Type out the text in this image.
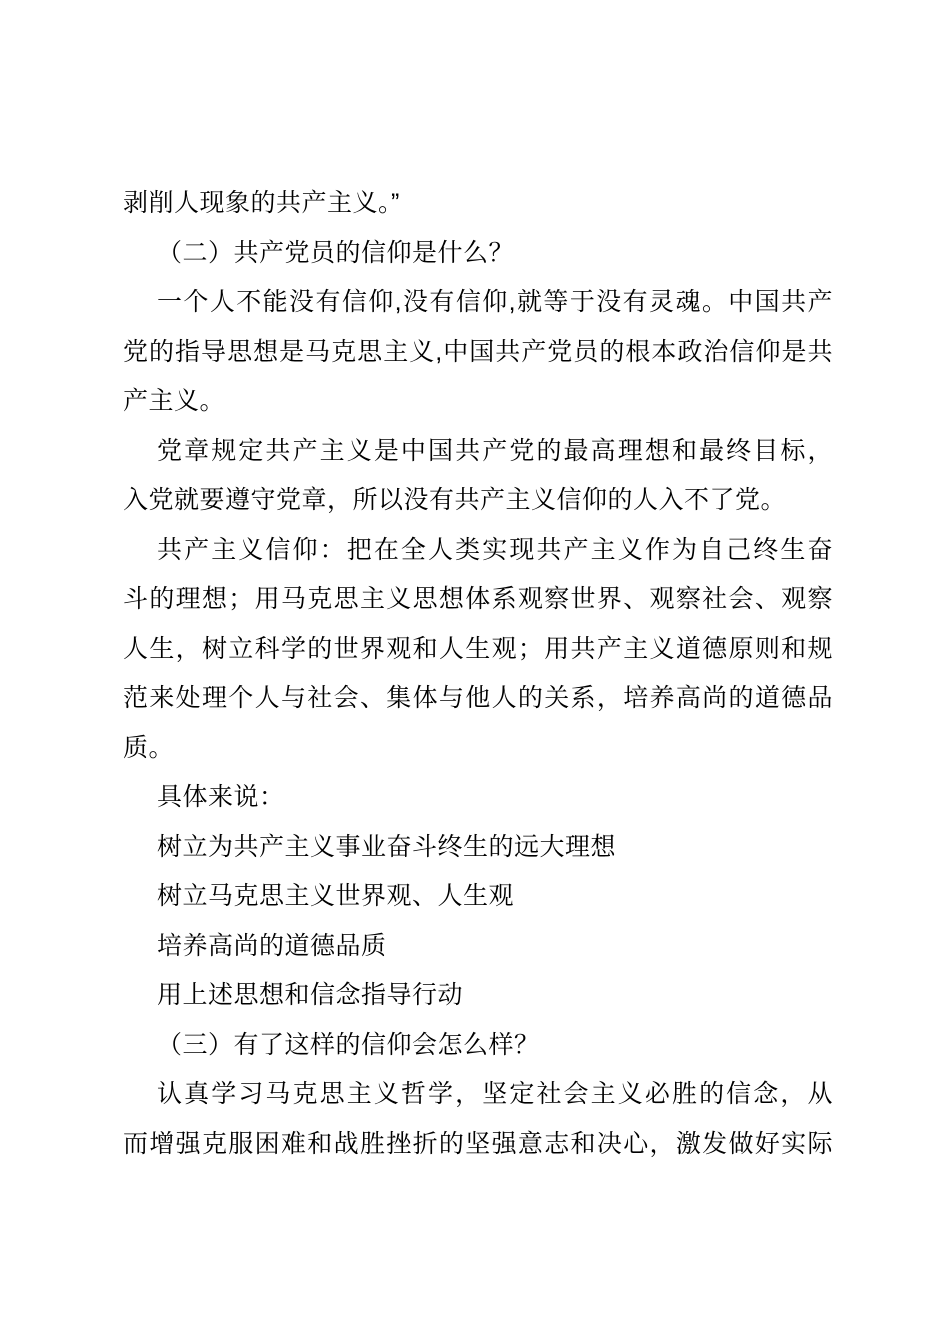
剥削人现象的共产主义。”

（二）共产党员的信仰是什么？

一个人不能没有信仰,没有信仰,就等于没有灵魂。中国共产
党的指导思想是马克思主义,中国共产党员的根本政治信仰是共
产主义。

党章规定共产主义是中国共产党的最高理想和最终目标，
入党就要遵守党章，所以没有共产主义信仰的人入不了党。

共产主义信仰：把在全人类实现共产主义作为自己终生奋
斗的理想；用马克思主义思想体系观察世界、观察社会、观察
人生，树立科学的世界观和人生观；用共产主义道德原则和规
范来处理个人与社会、集体与他人的关系，培养高尚的道德品
质。

具体来说：

树立为共产主义事业奋斗终生的远大理想

树立马克思主义世界观、人生观

培养高尚的道德品质

用上述思想和信念指导行动

（三）有了这样的信仰会怎么样？

认真学习马克思主义哲学，坚定社会主义必胜的信念，从
而增强克服困难和战胜挫折的坚强意志和决心，激发做好实际
